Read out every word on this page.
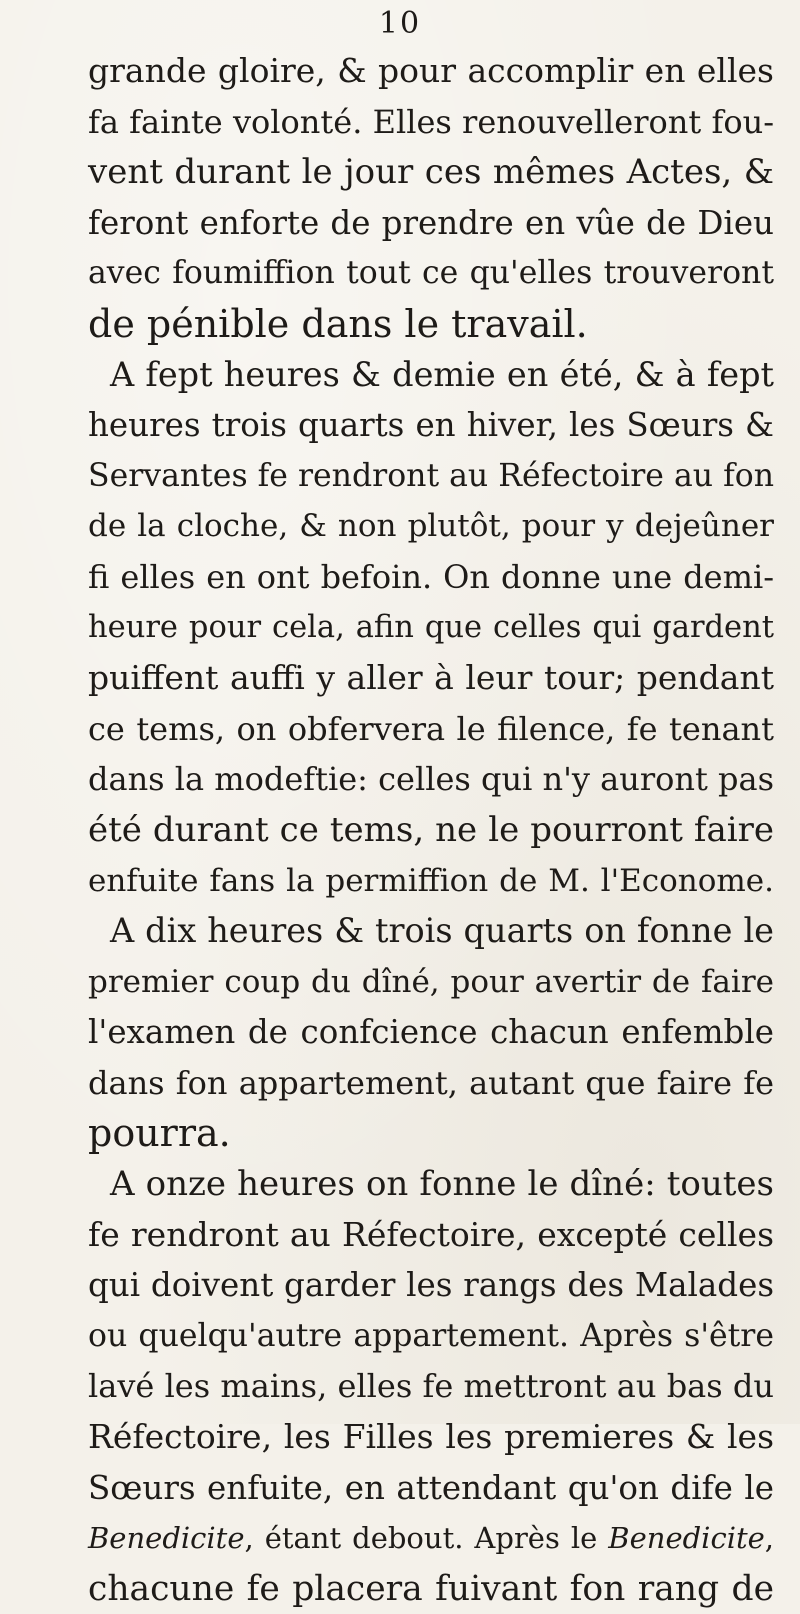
10
grande gloire, & pour accomplir en elles
fa fainte volonté. Elles renouvelleront fou-
vent durant le jour ces mêmes Actes, &
feront enforte de prendre en vûe de Dieu
avec foumiffion tout ce qu'elles trouveront
de pénible dans le travail.
A fept heures & demie en été, & à fept
heures trois quarts en hiver, les Sœurs &
Servantes fe rendront au Réfectoire au fon
de la cloche, & non plutôt, pour y dejeûner
fi elles en ont befoin. On donne une demi-
heure pour cela, afin que celles qui gardent
puiffent auffi y aller à leur tour; pendant
ce tems, on obfervera le filence, fe tenant
dans la modeftie: celles qui n'y auront pas
été durant ce tems, ne le pourront faire
enfuite fans la permiffion de M. l'Econome.
A dix heures & trois quarts on fonne le
premier coup du dîné, pour avertir de faire
l'examen de confcience chacun enfemble
dans fon appartement, autant que faire fe
pourra.
A onze heures on fonne le dîné: toutes
fe rendront au Réfectoire, excepté celles
qui doivent garder les rangs des Malades
ou quelqu'autre appartement. Après s'être
lavé les mains, elles fe mettront au bas du
Réfectoire, les Filles les premieres & les
Sœurs enfuite, en attendant qu'on dife le
Benedicite, étant debout. Après le Benedicite,
chacune fe placera fuivant fon rang de
